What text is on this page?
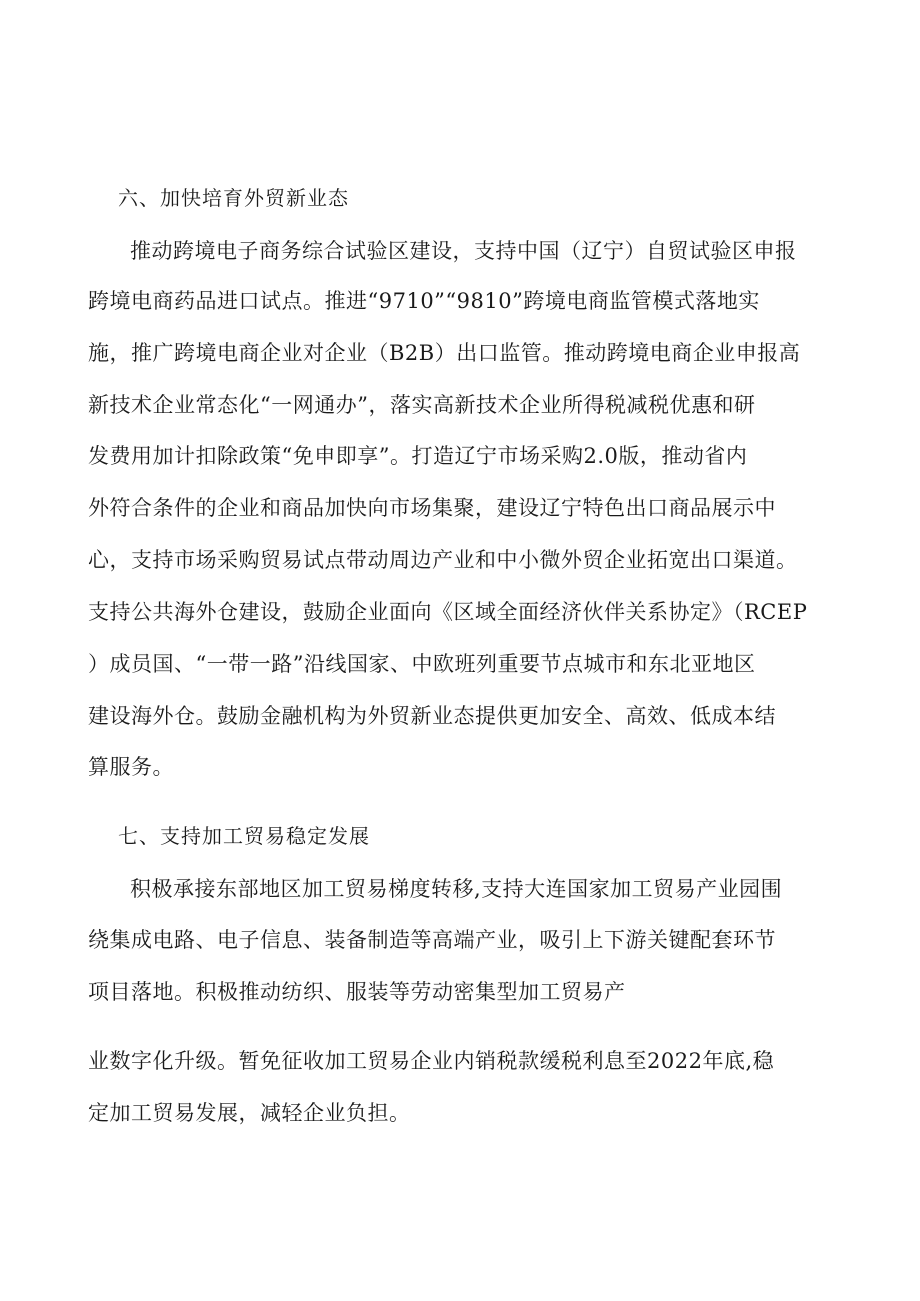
六、加快培育外贸新业态
推动跨境电子商务综合试验区建设，支持中国（辽宁）自贸试验区申报
跨境电商药品进口试点。推进“9710”“9810”跨境电商监管模式落地实
施，推广跨境电商企业对企业（B2B）出口监管。推动跨境电商企业申报高
新技术企业常态化“一网通办”，落实高新技术企业所得税减税优惠和研
发费用加计扣除政策“免申即享”。打造辽宁市场采购2.0版，推动省内
外符合条件的企业和商品加快向市场集聚，建设辽宁特色出口商品展示中
心，支持市场采购贸易试点带动周边产业和中小微外贸企业拓宽出口渠道。
支持公共海外仓建设，鼓励企业面向《区域全面经济伙伴关系协定》（RCEP
）成员国、“一带一路”沿线国家、中欧班列重要节点城市和东北亚地区
建设海外仓。鼓励金融机构为外贸新业态提供更加安全、高效、低成本结
算服务。
七、支持加工贸易稳定发展
积极承接东部地区加工贸易梯度转移,支持大连国家加工贸易产业园围
绕集成电路、电子信息、装备制造等高端产业，吸引上下游关键配套环节
项目落地。积极推动纺织、服装等劳动密集型加工贸易产
业数字化升级。暂免征收加工贸易企业内销税款缓税利息至2022年底,稳
定加工贸易发展，减轻企业负担。
